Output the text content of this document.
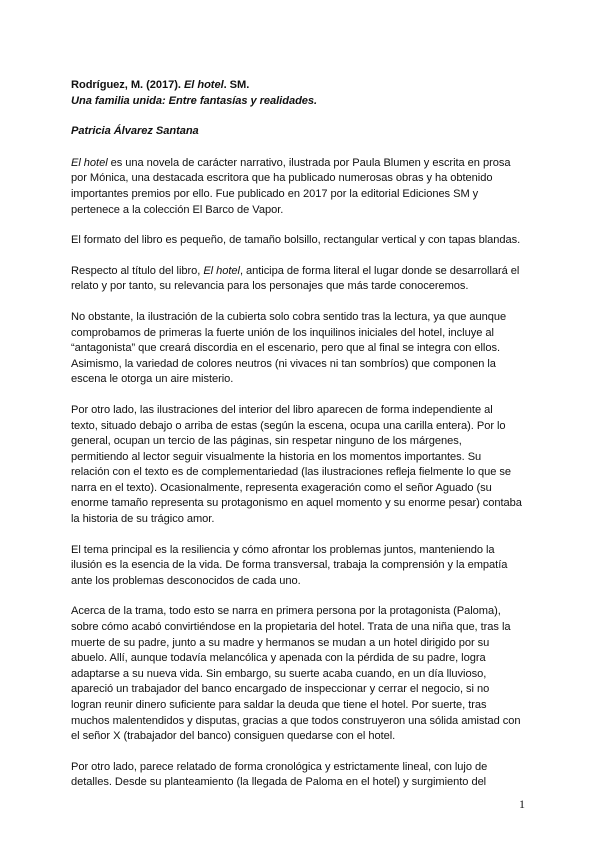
Rodríguez, M. (2017). El hotel. SM.

Una familia unida: Entre fantasías y realidades.

Patricia Álvarez Santana

El hotel es una novela de carácter narrativo, ilustrada por Paula Blumen y escrita en prosa
por Mónica, una destacada escritora que ha publicado numerosas obras y ha obtenido
importantes premios por ello. Fue publicado en 2017 por la editorial Ediciones SM y
pertenece a la colección El Barco de Vapor.

El formato del libro es pequeño, de tamaño bolsillo, rectangular vertical y con tapas blandas.

Respecto al título del libro, El hotel, anticipa de forma literal el lugar donde se desarrollará el
relato y por tanto, su relevancia para los personajes que más tarde conoceremos.

No obstante, la ilustración de la cubierta solo cobra sentido tras la lectura, ya que aunque
comprobamos de primeras la fuerte unión de los inquilinos iniciales del hotel, incluye al
“antagonista” que creará discordia en el escenario, pero que al final se integra con ellos.
Asimismo, la variedad de colores neutros (ni vivaces ni tan sombríos) que componen la
escena le otorga un aire misterio.

Por otro lado, las ilustraciones del interior del libro aparecen de forma independiente al
texto, situado debajo o arriba de estas (según la escena, ocupa una carilla entera). Por lo
general, ocupan un tercio de las páginas, sin respetar ninguno de los márgenes,
permitiendo al lector seguir visualmente la historia en los momentos importantes. Su
relación con el texto es de complementariedad (las ilustraciones refleja fielmente lo que se
narra en el texto). Ocasionalmente, representa exageración como el señor Aguado (su
enorme tamaño representa su protagonismo en aquel momento y su enorme pesar) contaba
la historia de su trágico amor.

El tema principal es la resiliencia y cómo afrontar los problemas juntos, manteniendo la
ilusión es la esencia de la vida. De forma transversal, trabaja la comprensión y la empatía
ante los problemas desconocidos de cada uno.

Acerca de la trama, todo esto se narra en primera persona por la protagonista (Paloma),
sobre cómo acabó convirtiéndose en la propietaria del hotel. Trata de una niña que, tras la
muerte de su padre, junto a su madre y hermanos se mudan a un hotel dirigido por su
abuelo. Allí, aunque todavía melancólica y apenada con la pérdida de su padre, logra
adaptarse a su nueva vida. Sin embargo, su suerte acaba cuando, en un día lluvioso,
apareció un trabajador del banco encargado de inspeccionar y cerrar el negocio, si no
logran reunir dinero suficiente para saldar la deuda que tiene el hotel. Por suerte, tras
muchos malentendidos y disputas, gracias a que todos construyeron una sólida amistad con
el señor X (trabajador del banco) consiguen quedarse con el hotel.

Por otro lado, parece relatado de forma cronológica y estrictamente lineal, con lujo de
detalles. Desde su planteamiento (la llegada de Paloma en el hotel) y surgimiento del

1
